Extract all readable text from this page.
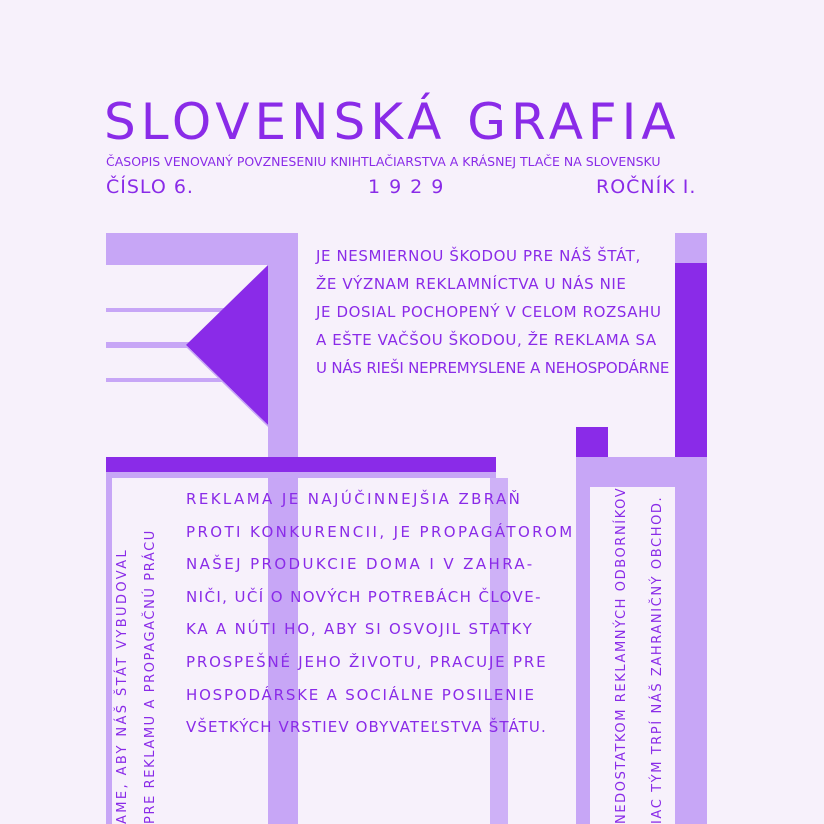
SLOVENSKÁ GRAFIA
ČASOPIS VENOVANÝ POVZNESENIU KNIHTLAČIARSTVA A KRÁSNEJ TLAČE NA SLOVENSKU
ČÍSLO 6.	1929	ROČNÍK I.
JE NESMIERNOU ŠKODOU PRE NÁŠ ŠTÁT,
ŽE VÝZNAM REKLAMNÍCTVA U NÁS NIE
JE DOSIAL POCHOPENÝ V CELOM ROZSAHU
A EŠTE VAČŠOU ŠKODOU, ŽE REKLAMA SA
U NÁS RIEŠI NEPREMYSLENE A NEHOSPODÁRNE
REKLAMA JE NAJÚČINNEJŠIA ZBRAŇ
PROTI KONKURENCII, JE PROPAGÁTOROM
NAŠEJ PRODUKCIE DOMA I V ZAHRA-
NIČI, UČÍ O NOVÝCH POTREBÁCH ČLOVE-
KA A NÚTI HO, ABY SI OSVOJIL STATKY
PROSPEŠNÉ JEHO ŽIVOTU, PRACUJE PRE
HOSPODÁRSKE A SOCIÁLNE POSILENIE
VŠETKÝCH VRSTIEV OBYVATEĽSTVA ŠTÁTU.
AME, ABY NÁŠ ŠTÁT VYBUDOVAL PRE REKLAMU A PROPAGAČNÚ PRÁCU	NEDOSTATKOM REKLAMNÝCH ODBORNÍKOV IAC TÝM TRPÍ NÁŠ ZAHRANIČNÝ OBCHOD.
